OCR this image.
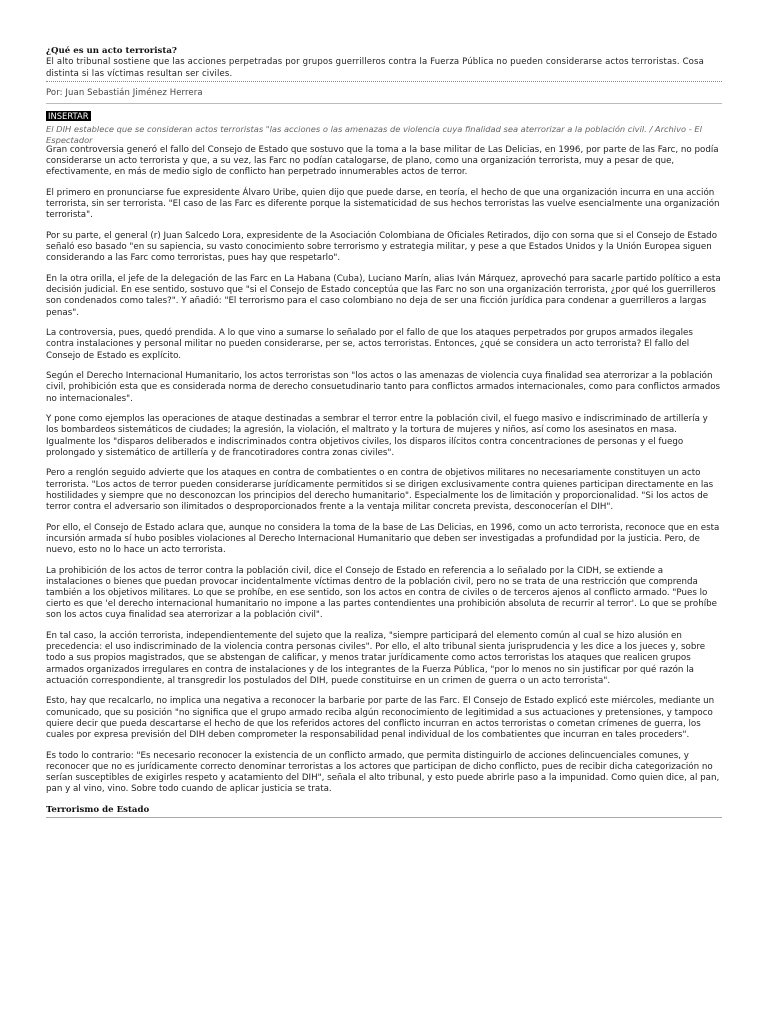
¿Qué es un acto terrorista?

El alto tribunal sostiene que las acciones perpetradas por grupos guerrilleros contra la Fuerza Pública no pueden considerarse actos terroristas. Cosa distinta si las víctimas resultan ser civiles.

Por: Juan Sebastián Jiménez Herrera
INSERTAR
El DIH establece que se consideran actos terroristas "las acciones o las amenazas de violencia cuya finalidad sea aterrorizar a la población civil. / Archivo - El Espectador

Gran controversia generó el fallo del Consejo de Estado que sostuvo que la toma a la base militar de Las Delicias, en 1996, por parte de las Farc, no podía considerarse un acto terrorista y que, a su vez, las Farc no podían catalogarse, de plano, como una organización terrorista, muy a pesar de que, efectivamente, en más de medio siglo de conflicto han perpetrado innumerables actos de terror.

El primero en pronunciarse fue expresidente Álvaro Uribe, quien dijo que puede darse, en teoría, el hecho de que una organización incurra en una acción terrorista, sin ser terrorista. "El caso de las Farc es diferente porque la sistematicidad de sus hechos terroristas las vuelve esencialmente una organización terrorista".

Por su parte, el general (r) Juan Salcedo Lora, expresidente de la Asociación Colombiana de Oficiales Retirados, dijo con sorna que si el Consejo de Estado señaló eso basado "en su sapiencia, su vasto conocimiento sobre terrorismo y estrategia militar, y pese a que Estados Unidos y la Unión Europea siguen considerando a las Farc como terroristas, pues hay que respetarlo".

En la otra orilla, el jefe de la delegación de las Farc en La Habana (Cuba), Luciano Marín, alias Iván Márquez, aprovechó para sacarle partido político a esta decisión judicial. En ese sentido, sostuvo que "si el Consejo de Estado conceptúa que las Farc no son una organización terrorista, ¿por qué los guerrilleros son condenados como tales?". Y añadió: "El terrorismo para el caso colombiano no deja de ser una ficción jurídica para condenar a guerrilleros a largas penas".

La controversia, pues, quedó prendida. A lo que vino a sumarse lo señalado por el fallo de que los ataques perpetrados por grupos armados ilegales contra instalaciones y personal militar no pueden considerarse, per se, actos terroristas. Entonces, ¿qué se considera un acto terrorista? El fallo del Consejo de Estado es explícito.

Según el Derecho Internacional Humanitario, los actos terroristas son "los actos o las amenazas de violencia cuya finalidad sea aterrorizar a la población civil, prohibición esta que es considerada norma de derecho consuetudinario tanto para conflictos armados internacionales, como para conflictos armados no internacionales".

Y pone como ejemplos las operaciones de ataque destinadas a sembrar el terror entre la población civil, el fuego masivo e indiscriminado de artillería y los bombardeos sistemáticos de ciudades; la agresión, la violación, el maltrato y la tortura de mujeres y niños, así como los asesinatos en masa. Igualmente los "disparos deliberados e indiscriminados contra objetivos civiles, los disparos ilícitos contra concentraciones de personas y el fuego prolongado y sistemático de artillería y de francotiradores contra zonas civiles".

Pero a renglón seguido advierte que los ataques en contra de combatientes o en contra de objetivos militares no necesariamente constituyen un acto terrorista. "Los actos de terror pueden considerarse jurídicamente permitidos si se dirigen exclusivamente contra quienes participan directamente en las hostilidades y siempre que no desconozcan los principios del derecho humanitario". Especialmente los de limitación y proporcionalidad. "Si los actos de terror contra el adversario son ilimitados o desproporcionados frente a la ventaja militar concreta prevista, desconocerían el DIH".

Por ello, el Consejo de Estado aclara que, aunque no considera la toma de la base de Las Delicias, en 1996, como un acto terrorista, reconoce que en esta incursión armada sí hubo posibles violaciones al Derecho Internacional Humanitario que deben ser investigadas a profundidad por la justicia. Pero, de nuevo, esto no lo hace un acto terrorista.

La prohibición de los actos de terror contra la población civil, dice el Consejo de Estado en referencia a lo señalado por la CIDH, se extiende a instalaciones o bienes que puedan provocar incidentalmente víctimas dentro de la población civil, pero no se trata de una restricción que comprenda también a los objetivos militares. Lo que se prohíbe, en ese sentido, son los actos en contra de civiles o de terceros ajenos al conflicto armado. "Pues lo cierto es que 'el derecho internacional humanitario no impone a las partes contendientes una prohibición absoluta de recurrir al terror'. Lo que se prohíbe son los actos cuya finalidad sea aterrorizar a la población civil".

En tal caso, la acción terrorista, independientemente del sujeto que la realiza, "siempre participará del elemento común al cual se hizo alusión en precedencia: el uso indiscriminado de la violencia contra personas civiles". Por ello, el alto tribunal sienta jurisprudencia y les dice a los jueces y, sobre todo a sus propios magistrados, que se abstengan de calificar, y menos tratar jurídicamente como actos terroristas los ataques que realicen grupos armados organizados irregulares en contra de instalaciones y de los integrantes de la Fuerza Pública, "por lo menos no sin justificar por qué razón la actuación correspondiente, al transgredir los postulados del DIH, puede constituirse en un crimen de guerra o un acto terrorista".

Esto, hay que recalcarlo, no implica una negativa a reconocer la barbarie por parte de las Farc. El Consejo de Estado explicó este miércoles, mediante un comunicado, que su posición "no significa que el grupo armado reciba algún reconocimiento de legitimidad a sus actuaciones y pretensiones, y tampoco quiere decir que pueda descartarse el hecho de que los referidos actores del conflicto incurran en actos terroristas o cometan crímenes de guerra, los cuales por expresa previsión del DIH deben comprometer la responsabilidad penal individual de los combatientes que incurran en tales proceders".

Es todo lo contrario: "Es necesario reconocer la existencia de un conflicto armado, que permita distinguirlo de acciones delincuenciales comunes, y reconocer que no es jurídicamente correcto denominar terroristas a los actores que participan de dicho conflicto, pues de recibir dicha categorización no serían susceptibles de exigirles respeto y acatamiento del DIH", señala el alto tribunal, y esto puede abrirle paso a la impunidad. Como quien dice, al pan, pan y al vino, vino. Sobre todo cuando de aplicar justicia se trata.

Terrorismo de Estado
